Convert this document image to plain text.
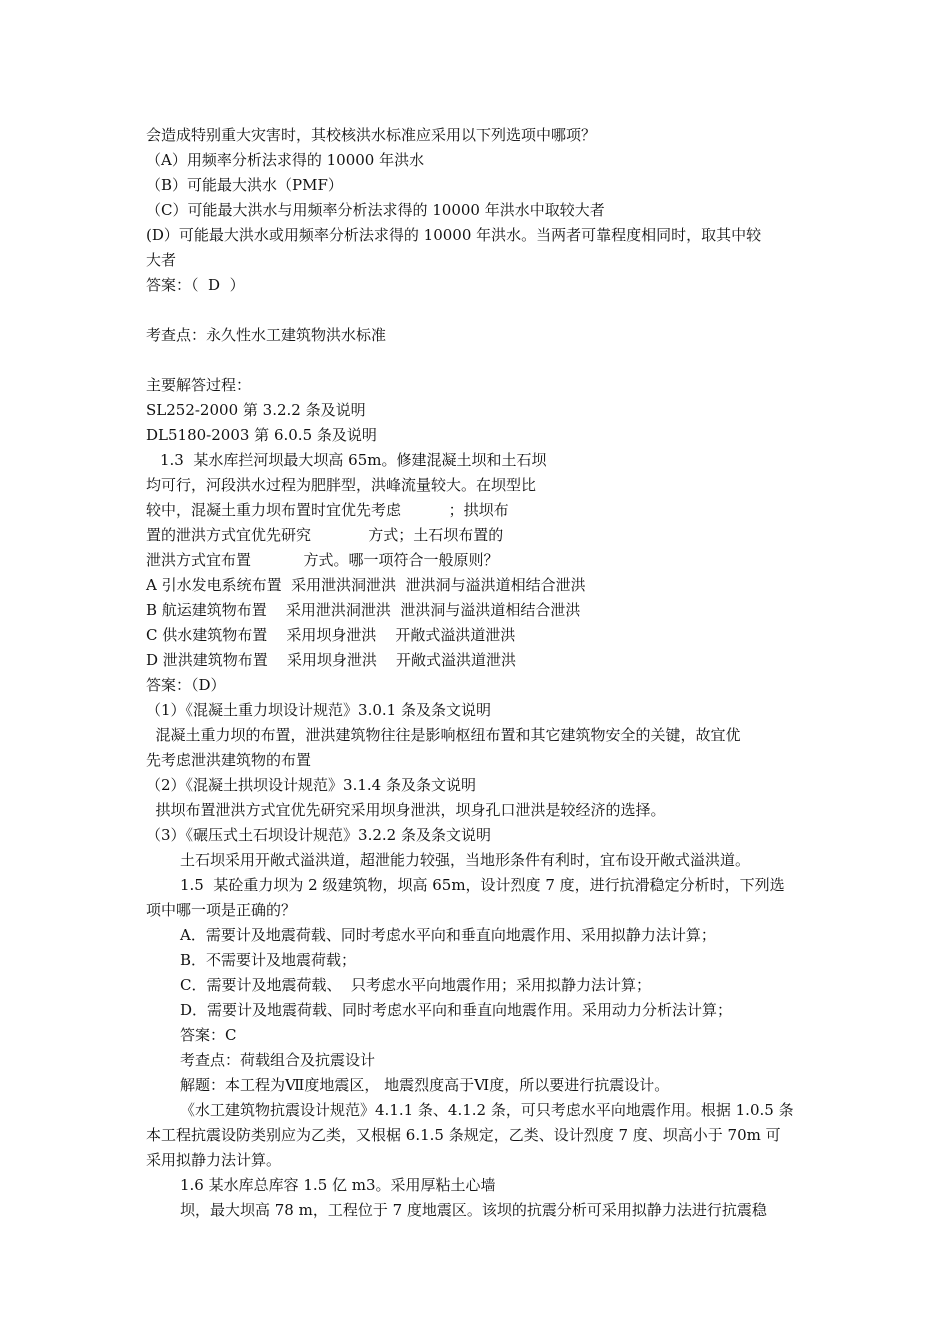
会造成特别重大灾害时，其校核洪水标准应采用以下列选项中哪项？
（A）用频率分析法求得的 10000 年洪水
（B）可能最大洪水（PMF）
（C）可能最大洪水与用频率分析法求得的 10000 年洪水中取较大者
(D）可能最大洪水或用频率分析法求得的 10000 年洪水。当两者可靠程度相同时，取其中较
大者
答案：（  D  ）
考查点：永久性水工建筑物洪水标准
主要解答过程：
SL252-2000 第 3.2.2 条及说明
DL5180-2003 第 6.0.5 条及说明
1.3  某水库拦河坝最大坝高 65m。修建混凝土坝和土石坝
均可行，河段洪水过程为肥胖型，洪峰流量较大。在坝型比
较中，混凝土重力坝布置时宜优先考虑          ；拱坝布
置的泄洪方式宜优先研究            方式；土石坝布置的
泄洪方式宜布置           方式。哪一项符合一般原则？
A 引水发电系统布置  采用泄洪洞泄洪  泄洪洞与溢洪道相结合泄洪
B 航运建筑物布置    采用泄洪洞泄洪  泄洪洞与溢洪道相结合泄洪
C 供水建筑物布置    采用坝身泄洪    开敞式溢洪道泄洪
D 泄洪建筑物布置    采用坝身泄洪    开敞式溢洪道泄洪
答案：（D）
（1）《混凝土重力坝设计规范》3.0.1 条及条文说明
混凝土重力坝的布置，泄洪建筑物往往是影响枢纽布置和其它建筑物安全的关键，故宜优
先考虑泄洪建筑物的布置
（2）《混凝土拱坝设计规范》3.1.4 条及条文说明
拱坝布置泄洪方式宜优先研究采用坝身泄洪，坝身孔口泄洪是较经济的选择。
（3）《碾压式土石坝设计规范》3.2.2 条及条文说明
土石坝采用开敞式溢洪道，超泄能力较强，当地形条件有利时，宜布设开敞式溢洪道。
1.5  某砼重力坝为 2 级建筑物，坝高 65m，设计烈度 7 度，进行抗滑稳定分析时，下列选
项中哪一项是正确的？
A．需要计及地震荷载、同时考虑水平向和垂直向地震作用、采用拟静力法计算；
B．不需要计及地震荷载；
C．需要计及地震荷载、  只考虑水平向地震作用；采用拟静力法计算；
D．需要计及地震荷载、同时考虑水平向和垂直向地震作用。采用动力分析法计算；
答案：C
考查点：荷载组合及抗震设计
解题：本工程为Ⅶ度地震区， 地震烈度高于Ⅵ度，所以要进行抗震设计。
《水工建筑物抗震设计规范》4.1.1 条、4.1.2 条，可只考虑水平向地震作用。根据 1.0.5 条
本工程抗震设防类别应为乙类，又根椐 6.1.5 条规定，乙类、设计烈度 7 度、坝高小于 70m 可
采用拟静力法计算。
1.6 某水库总库容 1.5 亿 m3。采用厚粘土心墙
坝，最大坝高 78 m，工程位于 7 度地震区。该坝的抗震分析可采用拟静力法进行抗震稳
